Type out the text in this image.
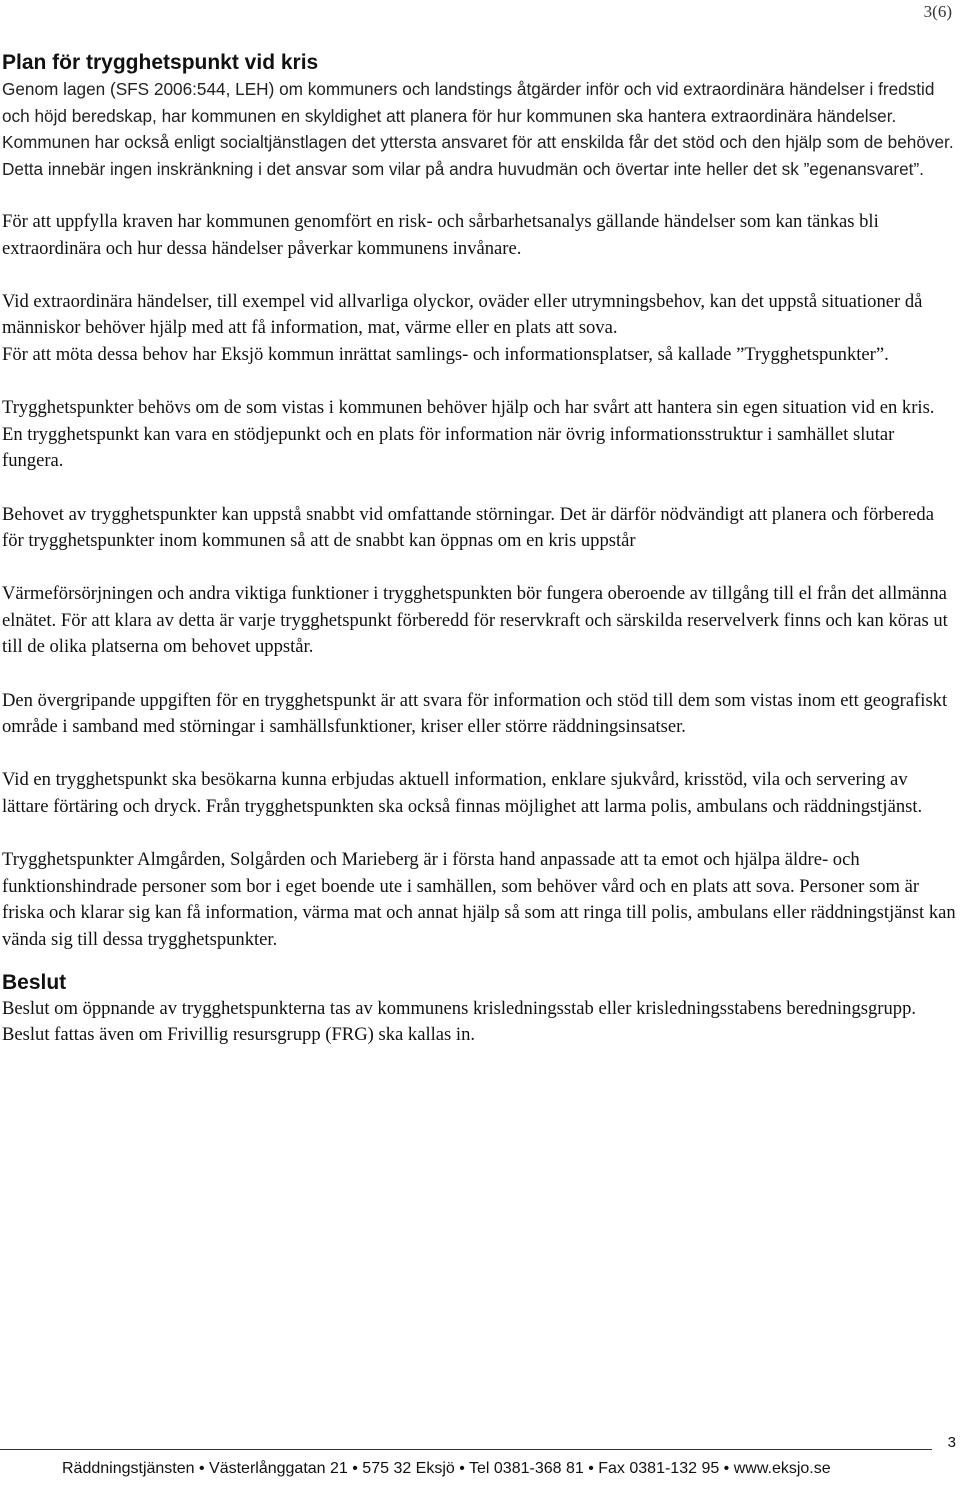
3(6)
Plan för trygghetspunkt vid kris

Genom lagen (SFS 2006:544, LEH) om kommuners och landstings åtgärder inför och vid extraordinära händelser i fredstid och höjd beredskap, har kommunen en skyldighet att planera för hur kommunen ska hantera extraordinära händelser.

Kommunen har också enligt socialtjänstlagen det yttersta ansvaret för att enskilda får det stöd och den hjälp som de behöver. Detta innebär ingen inskränkning i det ansvar som vilar på andra huvudmän och övertar inte heller det sk ”egenansvaret”.

För att uppfylla kraven har kommunen genomfört en risk- och sårbarhetsanalys gällande händelser som kan tänkas bli extraordinära och hur dessa händelser påverkar kommunens invånare.

Vid extraordinära händelser, till exempel vid allvarliga olyckor, oväder eller utrymningsbehov, kan det uppstå situationer då människor behöver hjälp med att få information, mat, värme eller en plats att sova.

För att möta dessa behov har Eksjö kommun inrättat samlings- och informationsplatser, så kallade ”Trygghetspunkter”.

Trygghetspunkter behövs om de som vistas i kommunen behöver hjälp och har svårt att hantera sin egen situation vid en kris. En trygghetspunkt kan vara en stödjepunkt och en plats för information när övrig informationsstruktur i samhället slutar fungera.

Behovet av trygghetspunkter kan uppstå snabbt vid omfattande störningar. Det är därför nödvändigt att planera och förbereda för trygghetspunkter inom kommunen så att de snabbt kan öppnas om en kris uppstår

Värmeförsörjningen och andra viktiga funktioner i trygghetspunkten bör fungera oberoende av tillgång till el från det allmänna elnätet. För att klara av detta är varje trygghetspunkt förberedd för reservkraft och särskilda reservelverk finns och kan köras ut till de olika platserna om behovet uppstår.

Den övergripande uppgiften för en trygghetspunkt är att svara för information och stöd till dem som vistas inom ett geografiskt område i samband med störningar i samhällsfunktioner, kriser eller större räddningsinsatser.

Vid en trygghetspunkt ska besökarna kunna erbjudas aktuell information, enklare sjukvård, krisstöd, vila och servering av lättare förtäring och dryck. Från trygghetspunkten ska också finnas möjlighet att larma polis, ambulans och räddningstjänst.

Trygghetspunkter Almgården, Solgården och Marieberg är i första hand anpassade att ta emot och hjälpa äldre- och funktionshindrade personer som bor i eget boende ute i samhällen, som behöver vård och en plats att sova. Personer som är friska och klarar sig kan få information, värma mat och annat hjälp så som att ringa till polis, ambulans eller räddningstjänst kan vända sig till dessa trygghetspunkter.

Beslut

Beslut om öppnande av trygghetspunkterna tas av kommunens krisledningsstab eller krisledningsstabens beredningsgrupp. Beslut fattas även om Frivillig resursgrupp (FRG) ska kallas in.

3
Räddningstjänsten • Västerlånggatan 21 • 575 32 Eksjö • Tel 0381-368 81 • Fax 0381-132 95 • www.eksjo.se
